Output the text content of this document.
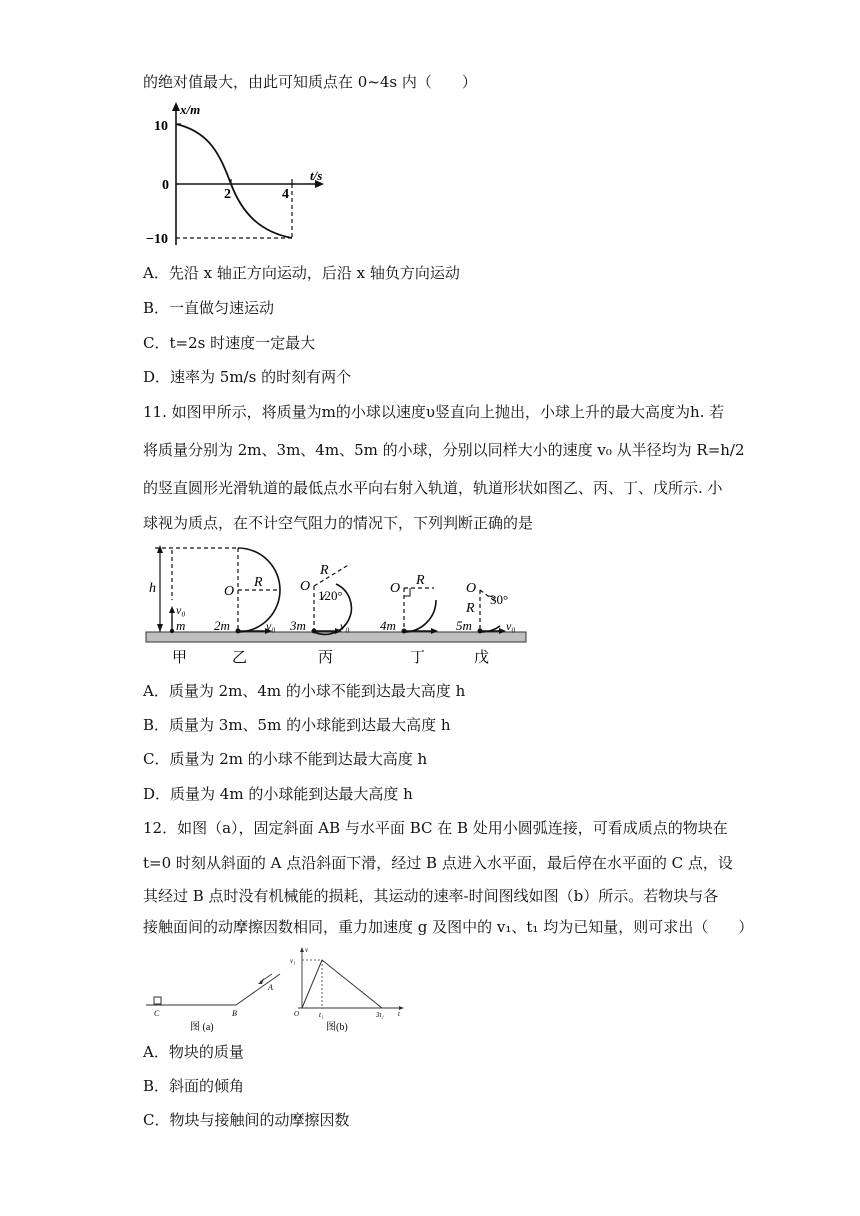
的绝对值最大，由此可知质点在 0~4s 内（　　）
x/m
t/s
10
0
−10
2	4
A．先沿 x 轴正方向运动，后沿 x 轴负方向运动
B．一直做匀速运动
C．t=2s 时速度一定最大
D．速率为 5m/s 的时刻有两个
11. 如图甲所示，将质量为m的小球以速度υ竖直向上抛出，小球上升的最大高度为h. 若
将质量分别为 2m、3m、4m、5m 的小球，分别以同样大小的速度 v₀ 从半径均为 R=h/2
的竖直圆形光滑轨道的最低点水平向右射入轨道，轨道形状如图乙、丙、丁、戊所示. 小
球视为质点，在不计空气阻力的情况下，下列判断正确的是
h
v₀
m
O
R
2m	v₀
O
R
120°
3m	v₀
O
R
4m
O
R
30°
5m	v₀
甲	乙	丙	丁	戊
A．质量为 2m、4m 的小球不能到达最大高度 h
B．质量为 3m、5m 的小球能到达最大高度 h
C．质量为 2m 的小球不能到达最大高度 h
D．质量为 4m 的小球能到达最大高度 h
12．如图（a），固定斜面 AB 与水平面 BC 在 B 处用小圆弧连接，可看成质点的物块在
t=0 时刻从斜面的 A 点沿斜面下滑，经过 B 点进入水平面，最后停在水平面的 C 点，设
其经过 B 点时没有机械能的损耗，其运动的速率-时间图线如图（b）所示。若物块与各
接触面间的动摩擦因数相同，重力加速度 g 及图中的 v₁、t₁ 均为已知量，则可求出（　　）
C	B
A
图 (a)
v
t
O
v₁
t₁	3t₁
图(b)
A．物块的质量
B．斜面的倾角
C．物块与接触间的动摩擦因数
